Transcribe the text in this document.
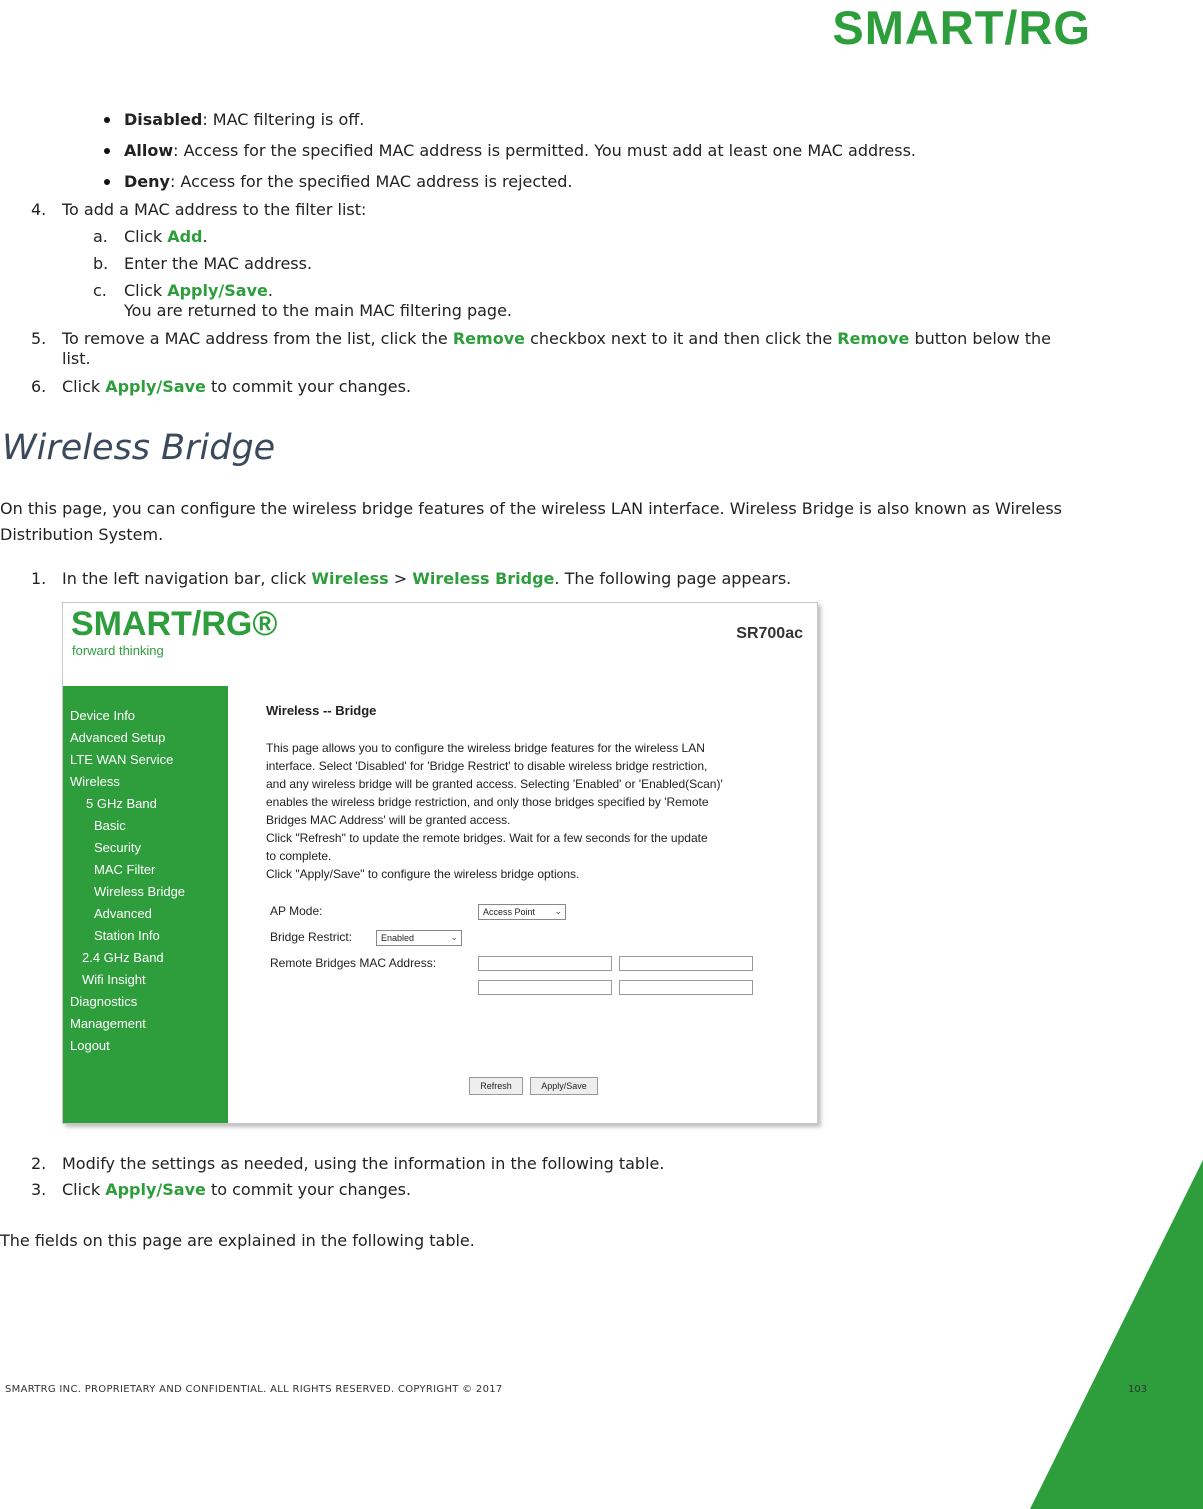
SMART/RG
Disabled: MAC filtering is off.
Allow: Access for the specified MAC address is permitted. You must add at least one MAC address.
Deny: Access for the specified MAC address is rejected.
4. To add a MAC address to the filter list:
a. Click Add.
b. Enter the MAC address.
c. Click Apply/Save.
You are returned to the main MAC filtering page.
5. To remove a MAC address from the list, click the Remove checkbox next to it and then click the Remove button below the
list.
6. Click Apply/Save to commit your changes.
Wireless Bridge
On this page, you can configure the wireless bridge features of the wireless LAN interface. Wireless Bridge is also known as Wireless
Distribution System.
1. In the left navigation bar, click Wireless > Wireless Bridge. The following page appears.
SMART/RG®
forward thinking
SR700ac
Device Info
Advanced Setup
LTE WAN Service
Wireless
5 GHz Band
Basic
Security
MAC Filter
Wireless Bridge
Advanced
Station Info
2.4 GHz Band
Wifi Insight
Diagnostics
Management
Logout
Wireless -- Bridge
This page allows you to configure the wireless bridge features for the wireless LAN
interface. Select 'Disabled' for 'Bridge Restrict' to disable wireless bridge restriction,
and any wireless bridge will be granted access. Selecting 'Enabled' or 'Enabled(Scan)'
enables the wireless bridge restriction, and only those bridges specified by 'Remote
Bridges MAC Address' will be granted access.
Click "Refresh" to update the remote bridges. Wait for a few seconds for the update
to complete.
Click "Apply/Save" to configure the wireless bridge options.
AP Mode:	Access Point ⌄
Bridge Restrict:	Enabled	⌄
Remote Bridges MAC Address:
Refresh	Apply/Save
2. Modify the settings as needed, using the information in the following table.
3. Click Apply/Save to commit your changes.
The fields on this page are explained in the following table.
SMARTRG INC. PROPRIETARY AND CONFIDENTIAL. ALL RIGHTS RESERVED. COPYRIGHT © 2017	103
